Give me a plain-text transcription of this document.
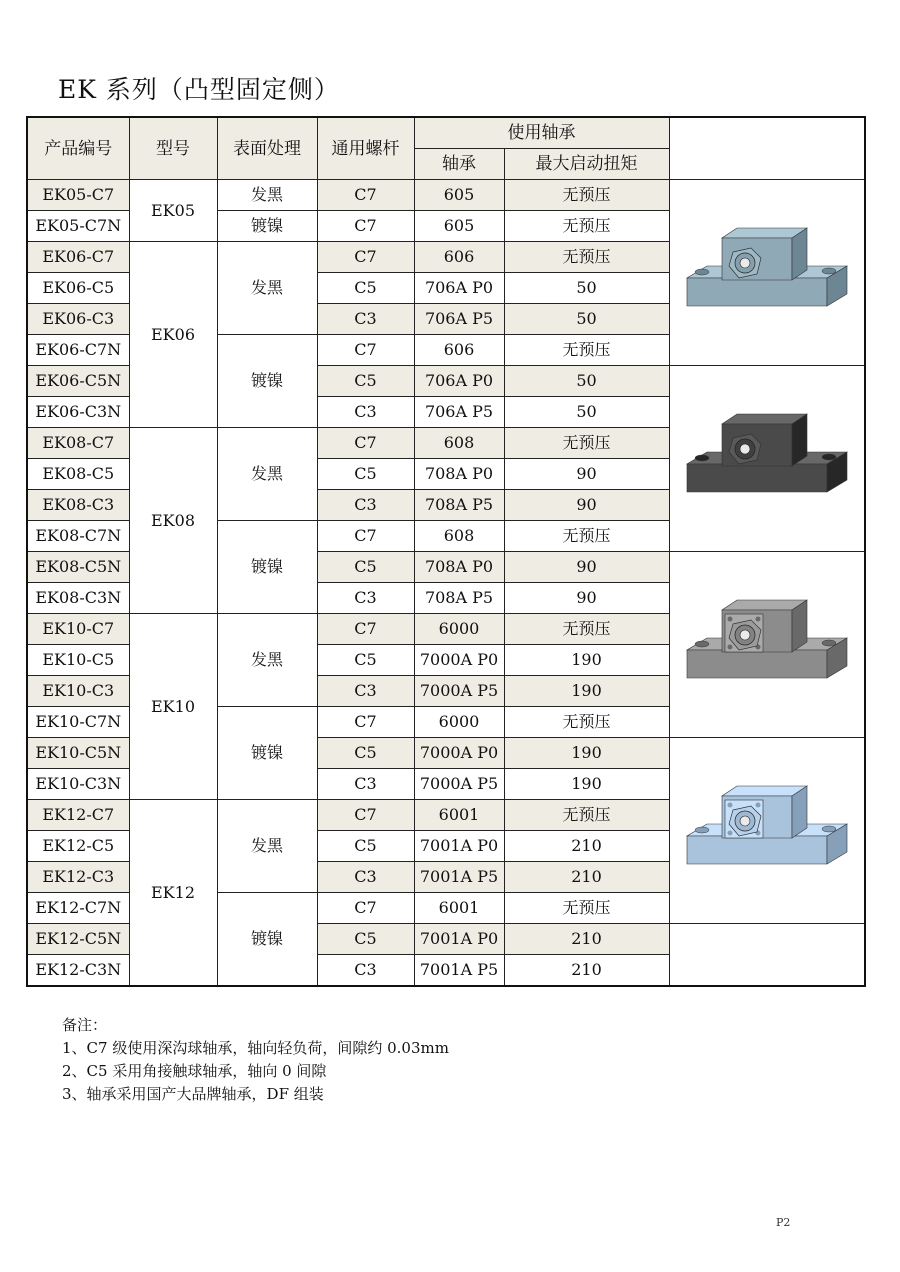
EK 系列（凸型固定侧）
产品编号	型号	表面处理	通用螺杆	使用轴承		
				轴承	最大启动扭矩	
EK05-C7	EK05	发黑	C7	605	无预压	

EK05-C7N		镀镍	C7	605	无预压	
EK06-C7	EK06	发黑	C7	606	无预压	
EK06-C5			C5	706A P0	50	
EK06-C3			C3	706A P5	50	
EK06-C7N		镀镍	C7	606	无预压	
EK06-C5N			C5	706A P0	50	

EK06-C3N			C3	706A P5	50	
EK08-C7	EK08	发黑	C7	608	无预压	
EK08-C5			C5	708A P0	90	
EK08-C3			C3	708A P5	90	
EK08-C7N		镀镍	C7	608	无预压	
EK08-C5N			C5	708A P0	90	

EK08-C3N			C3	708A P5	90	
EK10-C7	EK10	发黑	C7	6000	无预压	
EK10-C5			C5	7000A P0	190	
EK10-C3			C3	7000A P5	190	
EK10-C7N		镀镍	C7	6000	无预压	
EK10-C5N			C5	7000A P0	190	

EK10-C3N			C3	7000A P5	190	
EK12-C7	EK12	发黑	C7	6001	无预压	
EK12-C5			C5	7001A P0	210	
EK12-C3			C3	7001A P5	210	
EK12-C7N		镀镍	C7	6001	无预压	
EK12-C5N			C5	7001A P0	210	
EK12-C3N			C3	7001A P5	210	
备注：
1、C7 级使用深沟球轴承，轴向轻负荷，间隙约 0.03mm
2、C5 采用角接触球轴承，轴向 0 间隙
3、轴承采用国产大品牌轴承，DF 组装
P2
